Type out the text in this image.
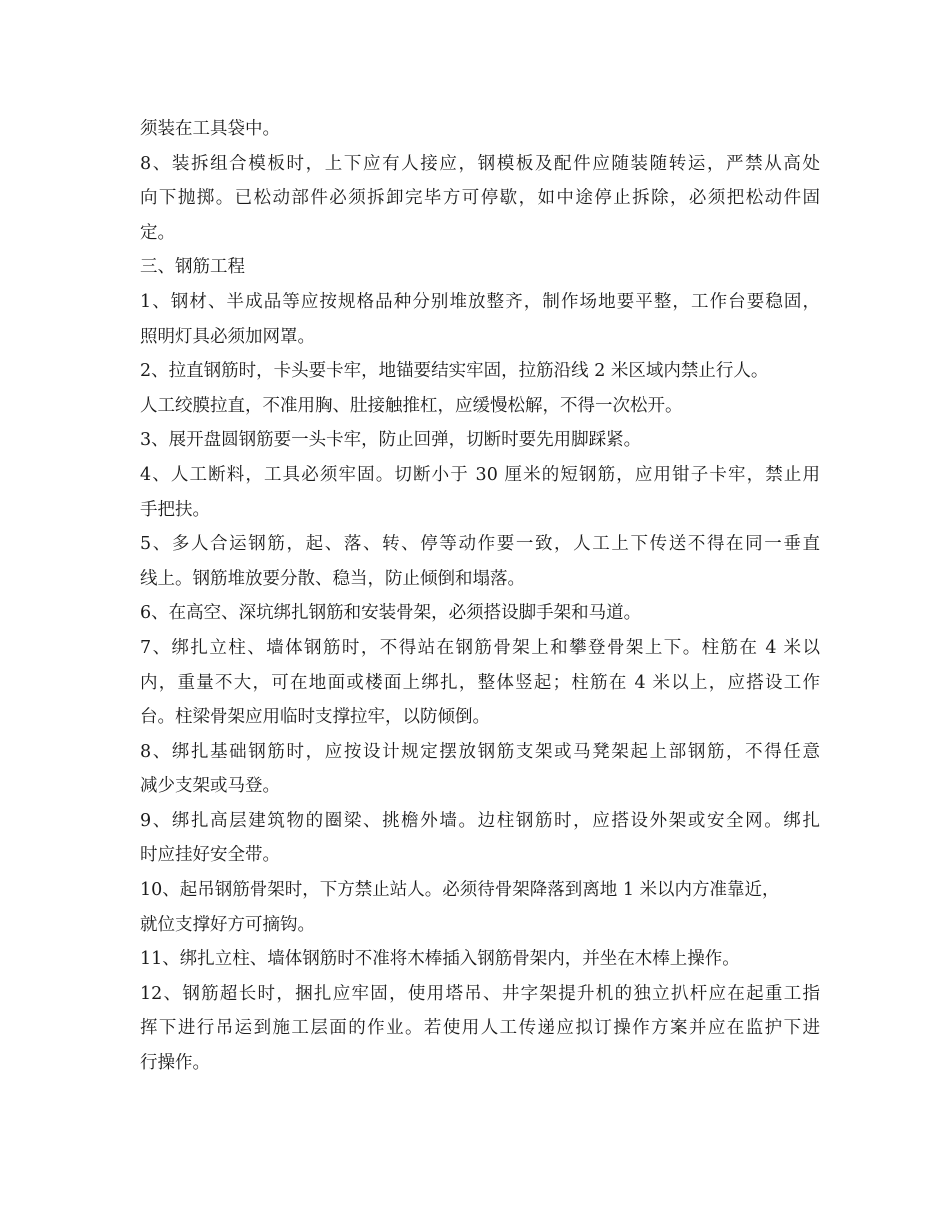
须装在工具袋中。
8、装拆组合模板时，上下应有人接应，钢模板及配件应随装随转运，严禁从高处
向下抛掷。已松动部件必须拆卸完毕方可停歇，如中途停止拆除，必须把松动件固
定。
三、钢筋工程
1、钢材、半成品等应按规格品种分别堆放整齐，制作场地要平整，工作台要稳固，
照明灯具必须加网罩。
2、拉直钢筋时，卡头要卡牢，地锚要结实牢固，拉筋沿线 2 米区域内禁止行人。
人工绞膜拉直，不准用胸、肚接触推杠，应缓慢松解，不得一次松开。
3、展开盘圆钢筋要一头卡牢，防止回弹，切断时要先用脚踩紧。
4、人工断料，工具必须牢固。切断小于 30 厘米的短钢筋，应用钳子卡牢，禁止用
手把扶。
5、多人合运钢筋，起、落、转、停等动作要一致，人工上下传送不得在同一垂直
线上。钢筋堆放要分散、稳当，防止倾倒和塌落。
6、在高空、深坑绑扎钢筋和安装骨架，必须搭设脚手架和马道。
7、绑扎立柱、墙体钢筋时，不得站在钢筋骨架上和攀登骨架上下。柱筋在 4 米以
内，重量不大，可在地面或楼面上绑扎，整体竖起；柱筋在 4 米以上，应搭设工作
台。柱梁骨架应用临时支撑拉牢，以防倾倒。
8、绑扎基础钢筋时，应按设计规定摆放钢筋支架或马凳架起上部钢筋，不得任意
减少支架或马登。
9、绑扎高层建筑物的圈梁、挑檐外墙。边柱钢筋时，应搭设外架或安全网。绑扎
时应挂好安全带。
10、起吊钢筋骨架时，下方禁止站人。必须待骨架降落到离地 1 米以内方准靠近，
就位支撑好方可摘钩。
11、绑扎立柱、墙体钢筋时不准将木棒插入钢筋骨架内，并坐在木棒上操作。
12、钢筋超长时，捆扎应牢固，使用塔吊、井字架提升机的独立扒杆应在起重工指
挥下进行吊运到施工层面的作业。若使用人工传递应拟订操作方案并应在监护下进
行操作。
